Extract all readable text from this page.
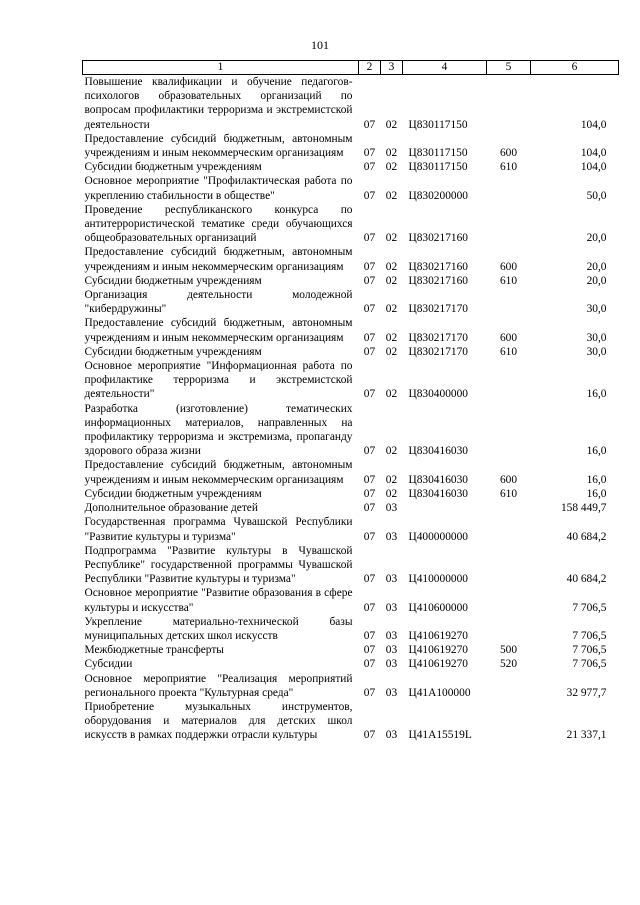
101
1	2	3	4	5	6
Повышение квалификации и обучение педагогов-психологов образовательных организаций по вопросам профилактики терроризма и экстремистской деятельности	07	02	Ц830117150		104,0
Предоставление субсидий бюджетным, автономным учреждениям и иным некоммерческим организациям	07	02	Ц830117150	600	104,0
Субсидии бюджетным учреждениям	07	02	Ц830117150	610	104,0
Основное мероприятие "Профилактическая работа по укреплению стабильности в обществе"	07	02	Ц830200000		50,0
Проведение республиканского конкурса по антитеррористической тематике среди обучающихся общеобразовательных организаций	07	02	Ц830217160		20,0
Предоставление субсидий бюджетным, автономным учреждениям и иным некоммерческим организациям	07	02	Ц830217160	600	20,0
Субсидии бюджетным учреждениям	07	02	Ц830217160	610	20,0
Организация деятельности молодежной "кибердружины"	07	02	Ц830217170		30,0
Предоставление субсидий бюджетным, автономным учреждениям и иным некоммерческим организациям	07	02	Ц830217170	600	30,0
Субсидии бюджетным учреждениям	07	02	Ц830217170	610	30,0
Основное мероприятие "Информационная работа по профилактике терроризма и экстремистской деятельности"	07	02	Ц830400000		16,0
Разработка (изготовление) тематических информационных материалов, направленных на профилактику терроризма и экстремизма, пропаганду здорового образа жизни	07	02	Ц830416030		16,0
Предоставление субсидий бюджетным, автономным учреждениям и иным некоммерческим организациям	07	02	Ц830416030	600	16,0
Субсидии бюджетным учреждениям	07	02	Ц830416030	610	16,0
Дополнительное образование детей	07	03			158 449,7
Государственная программа Чувашской Республики "Развитие культуры и туризма"	07	03	Ц400000000		40 684,2
Подпрограмма "Развитие культуры в Чувашской Республике" государственной программы Чувашской Республики "Развитие культуры и туризма"	07	03	Ц410000000		40 684,2
Основное мероприятие "Развитие образования в сфере культуры и искусства"	07	03	Ц410600000		7 706,5
Укрепление материально-технической базы муниципальных детских школ искусств	07	03	Ц410619270		7 706,5
Межбюджетные трансферты	07	03	Ц410619270	500	7 706,5
Субсидии	07	03	Ц410619270	520	7 706,5
Основное мероприятие "Реализация мероприятий регионального проекта "Культурная среда"	07	03	Ц41A100000		32 977,7
Приобретение музыкальных инструментов, оборудования и материалов для детских школ искусств в рамках поддержки отрасли культуры	07	03	Ц41A15519L		21 337,1
